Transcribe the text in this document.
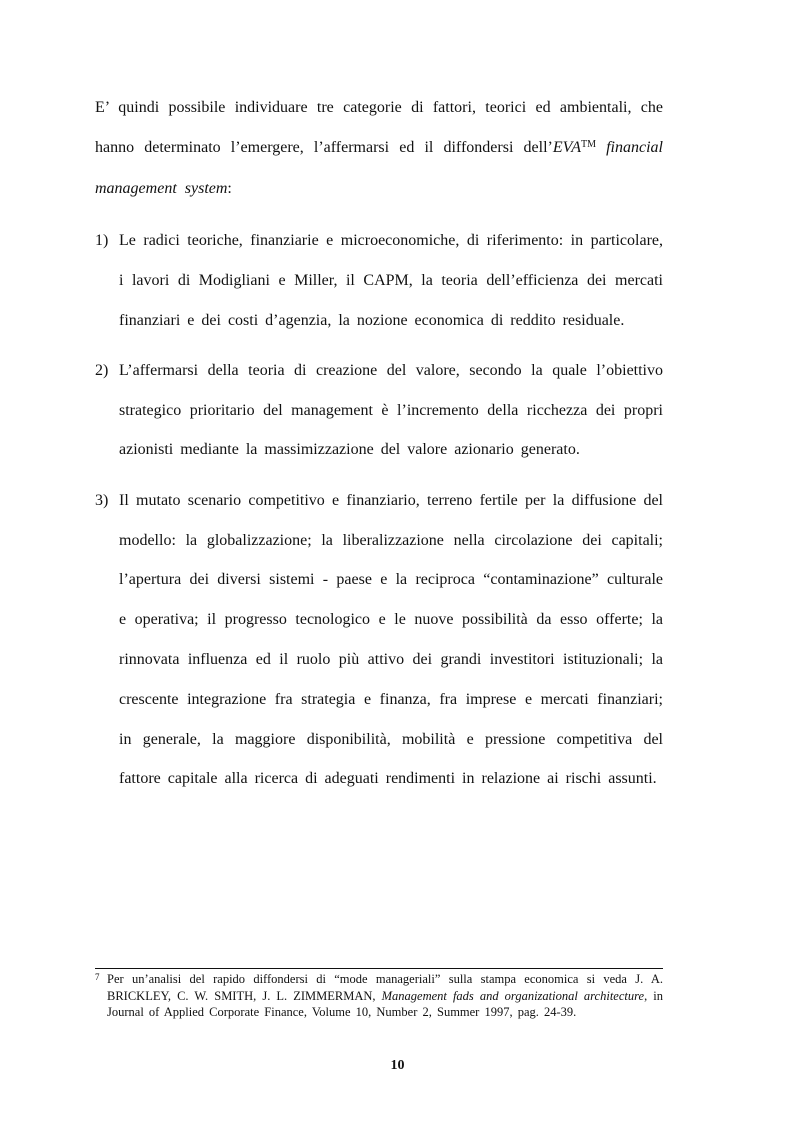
E’ quindi possibile individuare tre categorie di fattori, teorici ed ambientali, che hanno determinato l’emergere, l’affermarsi ed il diffondersi dell’EVA™ financial management system:

1) Le radici teoriche, finanziarie e microeconomiche, di riferimento: in particolare, i lavori di Modigliani e Miller, il CAPM, la teoria dell’efficienza dei mercati finanziari e dei costi d’agenzia, la nozione economica di reddito residuale.
2) L’affermarsi della teoria di creazione del valore, secondo la quale l’obiettivo strategico prioritario del management è l’incremento della ricchezza dei propri azionisti mediante la massimizzazione del valore azionario generato.
3) Il mutato scenario competitivo e finanziario, terreno fertile per la diffusione del modello: la globalizzazione; la liberalizzazione nella circolazione dei capitali; l’apertura dei diversi sistemi - paese e la reciproca “contaminazione” culturale e operativa; il progresso tecnologico e le nuove possibilità da esso offerte; la rinnovata influenza ed il ruolo più attivo dei grandi investitori istituzionali; la crescente integrazione fra strategia e finanza, fra imprese e mercati finanziari; in generale, la maggiore disponibilità, mobilità e pressione competitiva del fattore capitale alla ricerca di adeguati rendimenti in relazione ai rischi assunti.

7 Per un’analisi del rapido diffondersi di “mode manageriali” sulla stampa economica si veda J. A. BRICKLEY, C. W. SMITH, J. L. ZIMMERMAN, Management fads and organizational architecture, in Journal of Applied Corporate Finance, Volume 10, Number 2, Summer 1997, pag. 24-39.

10
